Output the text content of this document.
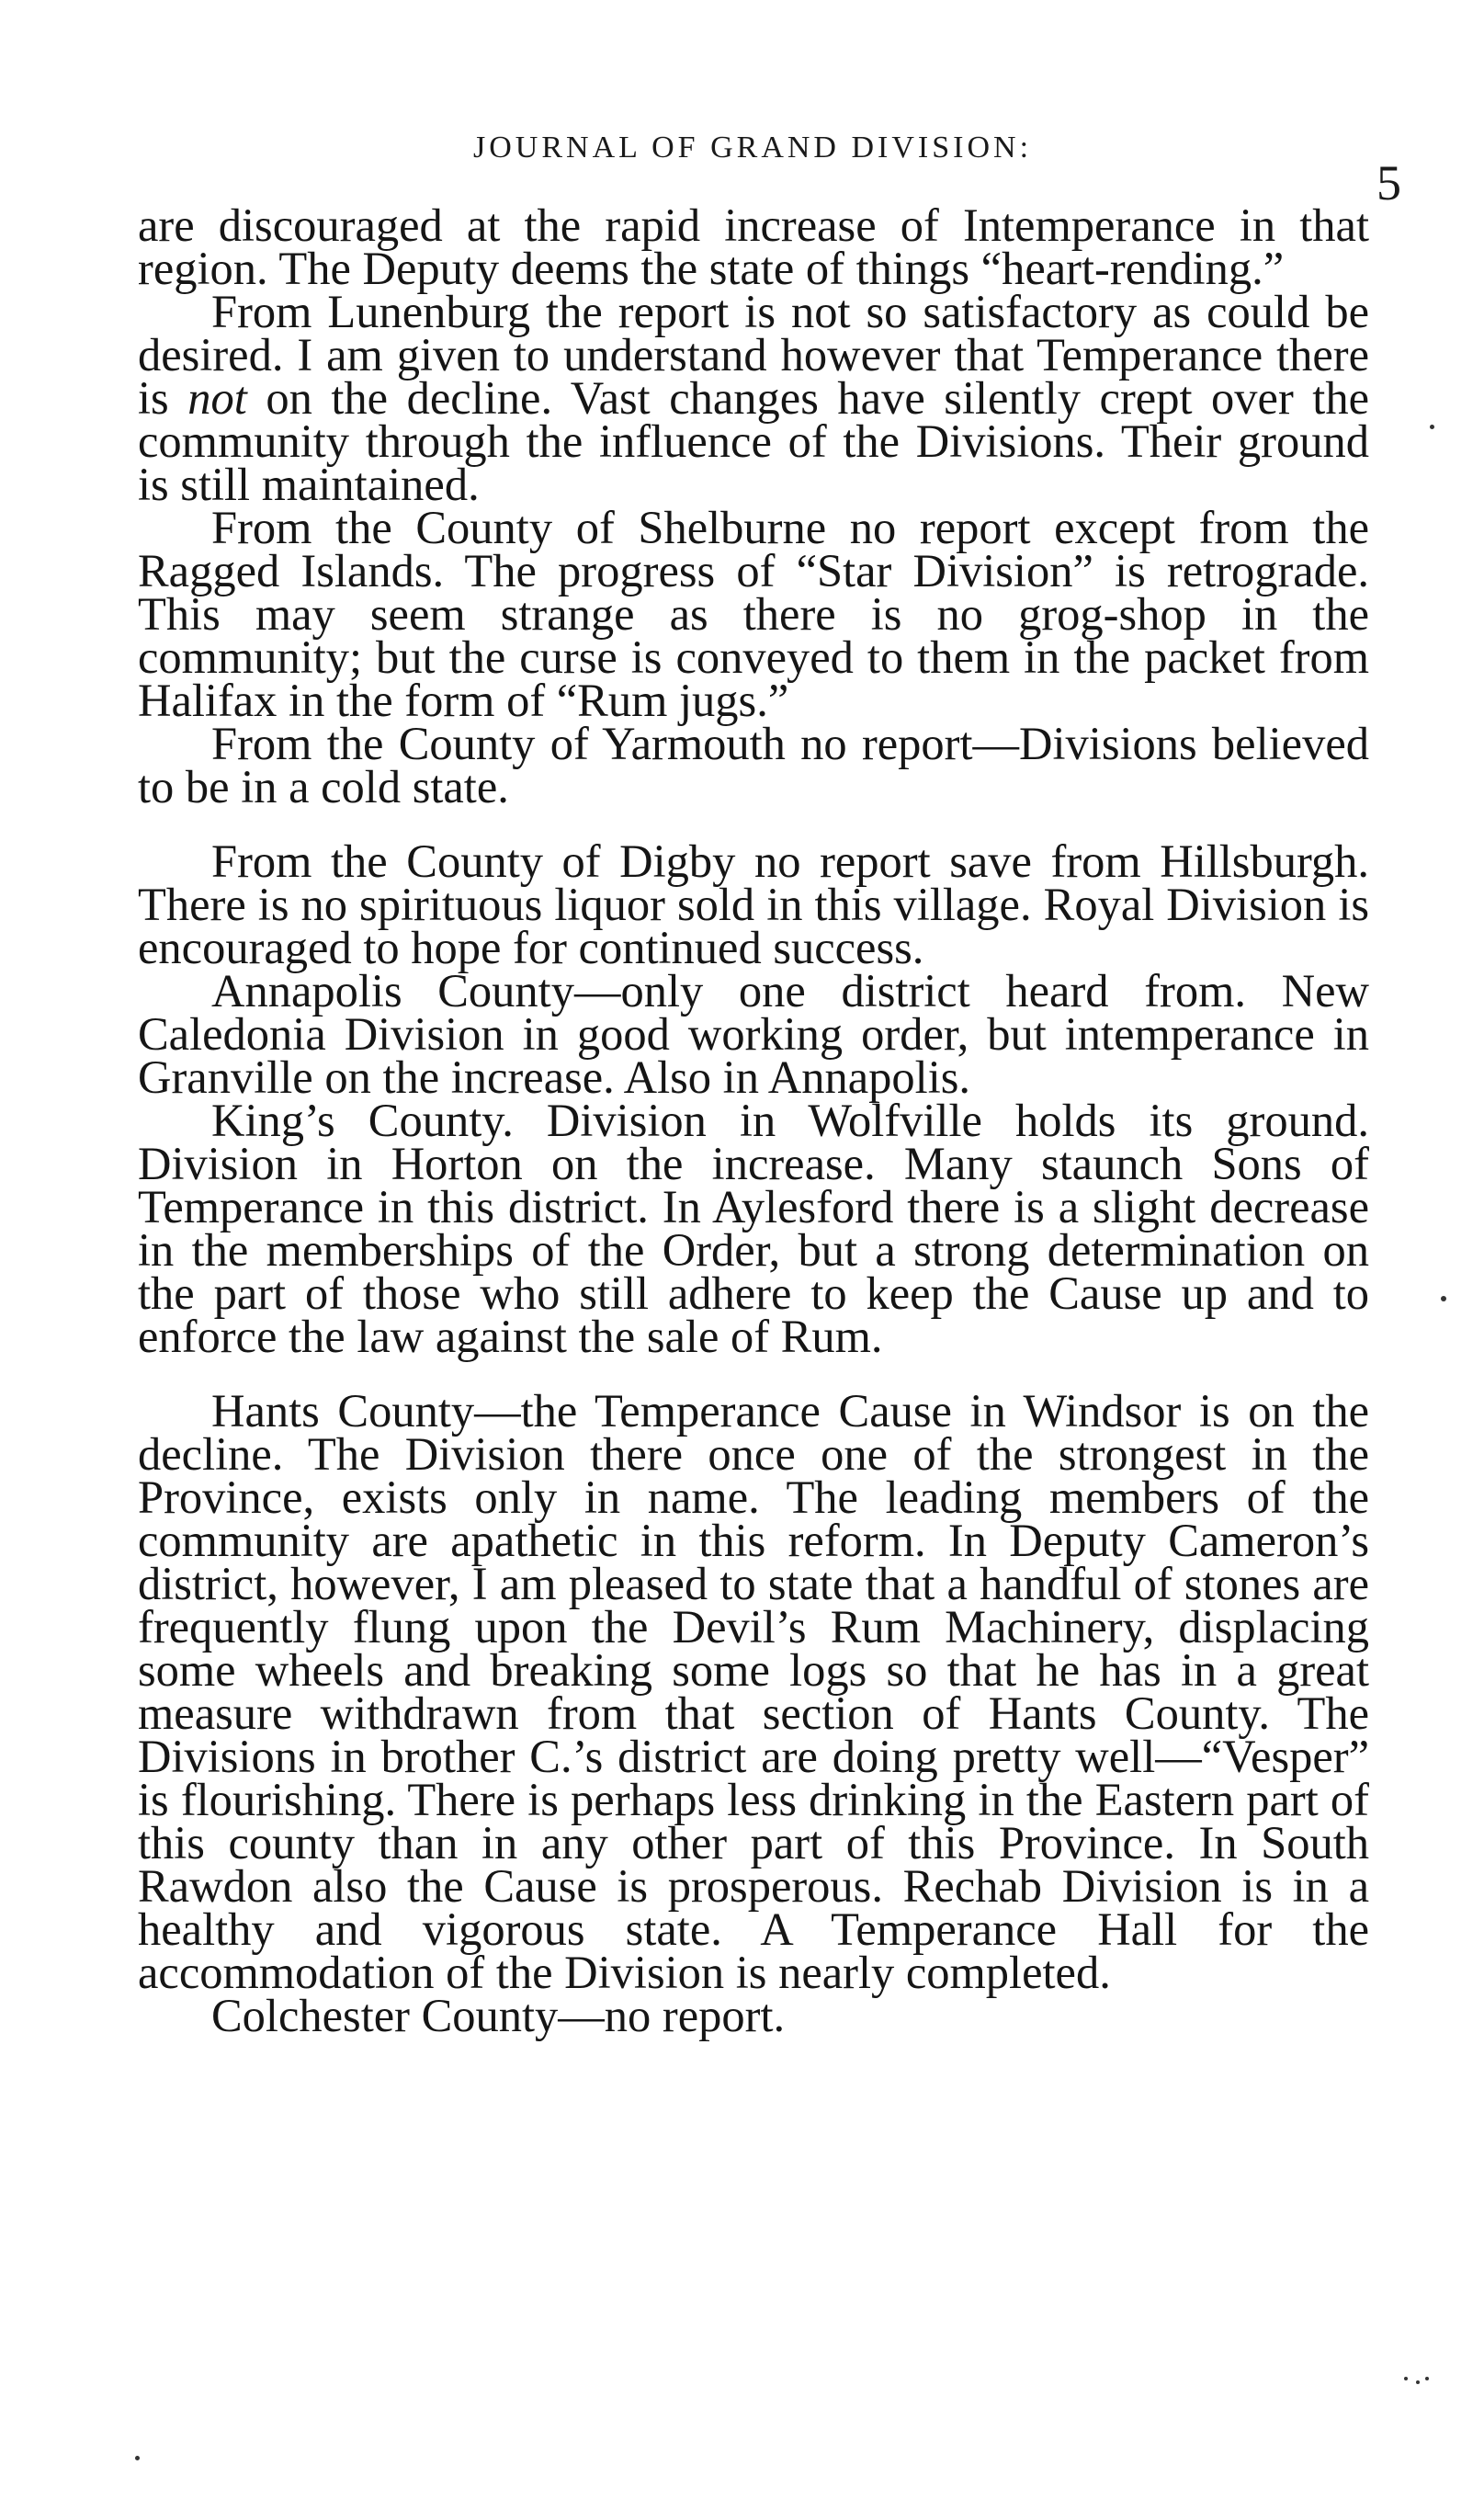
JOURNAL OF GRAND DIVISION:
5

are discouraged at the rapid increase of Intemperance in that region. The Deputy deems the state of things “heart-rending.”

From Lunenburg the report is not so satisfactory as could be desired. I am given to understand however that Temperance there is not on the decline. Vast changes have silently crept over the community through the influence of the Divisions. Their ground is still maintained.

From the County of Shelburne no report except from the Ragged Islands. The progress of “Star Division” is retrograde. This may seem strange as there is no grog-shop in the community; but the curse is conveyed to them in the packet from Halifax in the form of “Rum jugs.”

From the County of Yarmouth no report—Divisions believed to be in a cold state.

From the County of Digby no report save from Hillsburgh. There is no spirituous liquor sold in this village. Royal Division is encouraged to hope for continued success.

Annapolis County—only one district heard from. New Caledonia Division in good working order, but intemperance in Granville on the increase. Also in Annapolis.

King’s County. Division in Wolfville holds its ground. Division in Horton on the increase. Many staunch Sons of Temperance in this district. In Aylesford there is a slight decrease in the memberships of the Order, but a strong determination on the part of those who still adhere to keep the Cause up and to enforce the law against the sale of Rum.

Hants County—the Temperance Cause in Windsor is on the decline. The Division there once one of the strongest in the Province, exists only in name. The leading members of the community are apathetic in this reform. In Deputy Cameron’s district, however, I am pleased to state that a handful of stones are frequently flung upon the Devil’s Rum Machinery, displacing some wheels and breaking some logs so that he has in a great measure withdrawn from that section of Hants County. The Divisions in brother C.’s district are doing pretty well—“Vesper” is flourishing. There is perhaps less drinking in the Eastern part of this county than in any other part of this Province. In South Rawdon also the Cause is prosperous. Rechab Division is in a healthy and vigorous state. A Temperance Hall for the accommodation of the Division is nearly completed.

Colchester County—no report.
